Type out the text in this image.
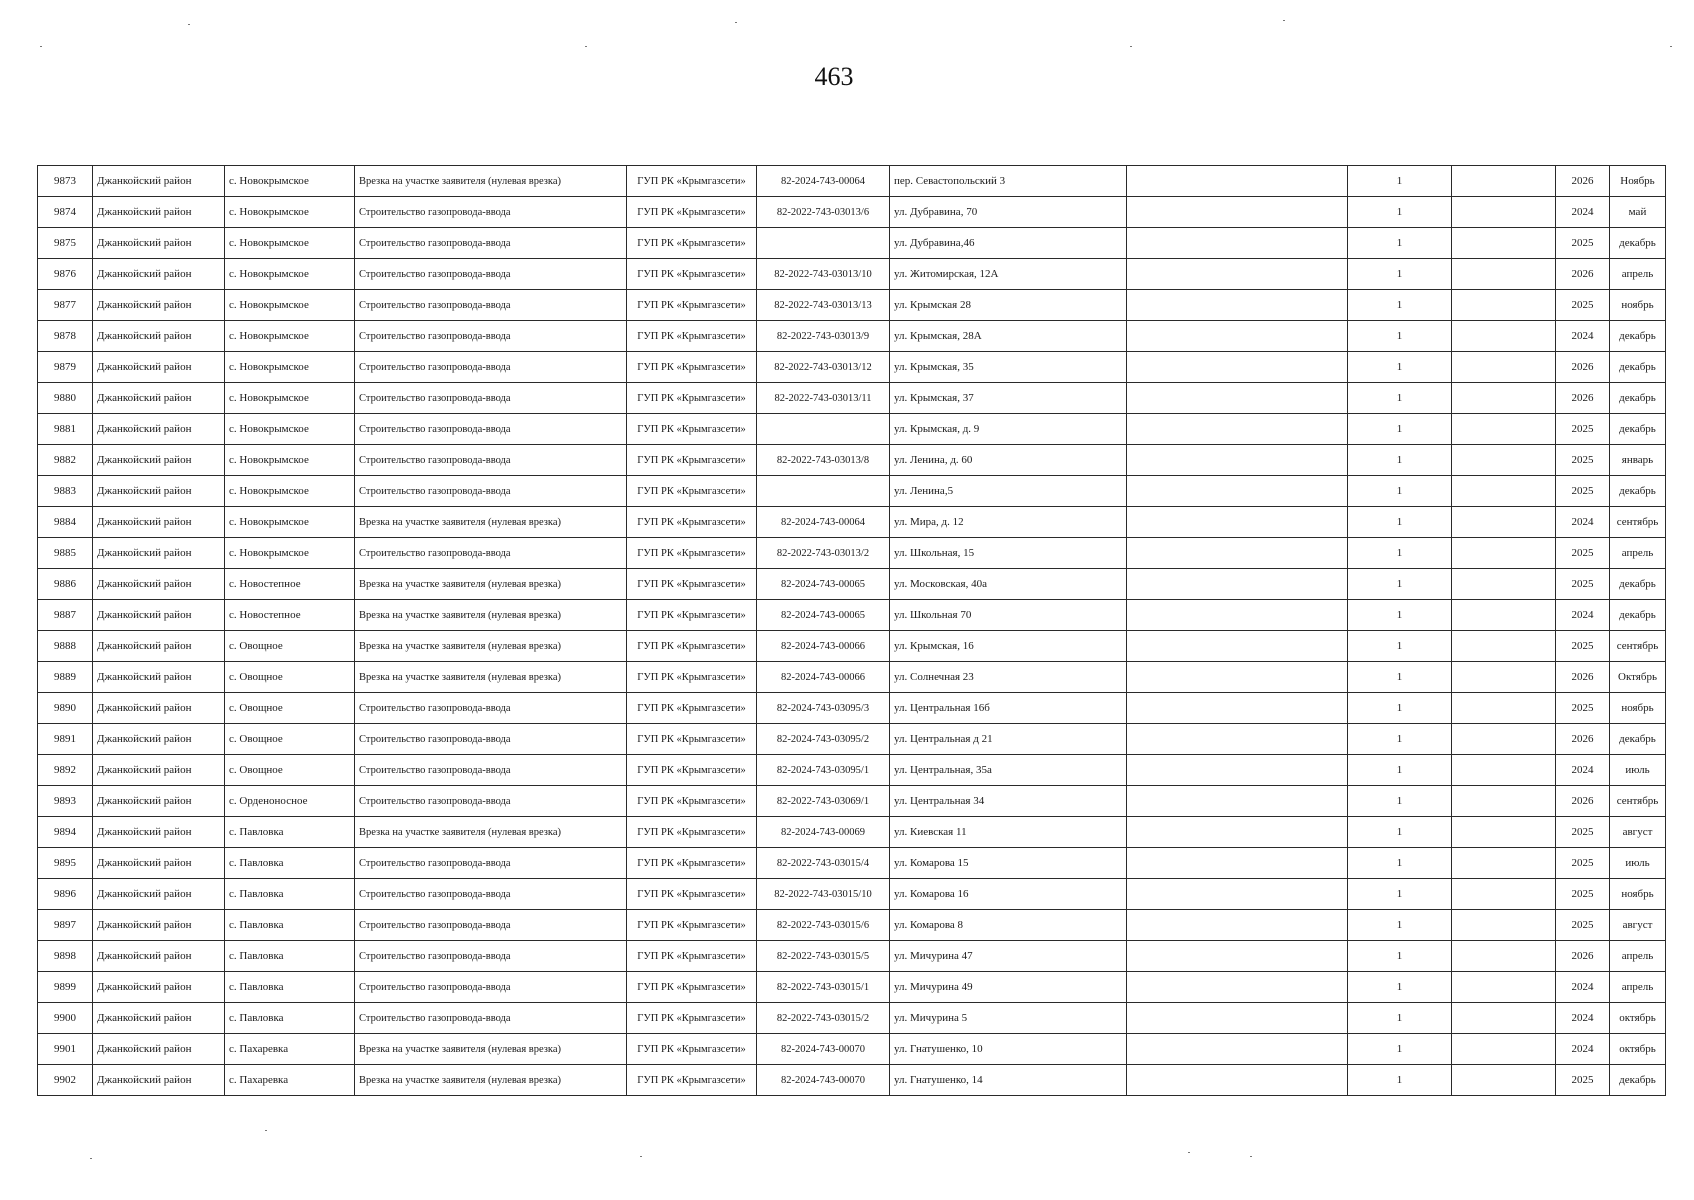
463
9873	Джанкойский район	с. Новокрымское	Врезка на участке заявителя (нулевая врезка)	ГУП РК «Крымгазсети»	82-2024-743-00064	пер. Севастопольский 3		1		2026	Ноябрь
9874	Джанкойский район	с. Новокрымское	Строительство газопровода-ввода	ГУП РК «Крымгазсети»	82-2022-743-03013/6	ул. Дубравина, 70		1		2024	май
9875	Джанкойский район	с. Новокрымское	Строительство газопровода-ввода	ГУП РК «Крымгазсети»		ул. Дубравина,46		1		2025	декабрь
9876	Джанкойский район	с. Новокрымское	Строительство газопровода-ввода	ГУП РК «Крымгазсети»	82-2022-743-03013/10	ул. Житомирская, 12А		1		2026	апрель
9877	Джанкойский район	с. Новокрымское	Строительство газопровода-ввода	ГУП РК «Крымгазсети»	82-2022-743-03013/13	ул. Крымская 28		1		2025	ноябрь
9878	Джанкойский район	с. Новокрымское	Строительство газопровода-ввода	ГУП РК «Крымгазсети»	82-2022-743-03013/9	ул. Крымская, 28А		1		2024	декабрь
9879	Джанкойский район	с. Новокрымское	Строительство газопровода-ввода	ГУП РК «Крымгазсети»	82-2022-743-03013/12	ул. Крымская, 35		1		2026	декабрь
9880	Джанкойский район	с. Новокрымское	Строительство газопровода-ввода	ГУП РК «Крымгазсети»	82-2022-743-03013/11	ул. Крымская, 37		1		2026	декабрь
9881	Джанкойский район	с. Новокрымское	Строительство газопровода-ввода	ГУП РК «Крымгазсети»		ул. Крымская, д. 9		1		2025	декабрь
9882	Джанкойский район	с. Новокрымское	Строительство газопровода-ввода	ГУП РК «Крымгазсети»	82-2022-743-03013/8	ул. Ленина, д. 60		1		2025	январь
9883	Джанкойский район	с. Новокрымское	Строительство газопровода-ввода	ГУП РК «Крымгазсети»		ул. Ленина,5		1		2025	декабрь
9884	Джанкойский район	с. Новокрымское	Врезка на участке заявителя (нулевая врезка)	ГУП РК «Крымгазсети»	82-2024-743-00064	ул. Мира, д. 12		1		2024	сентябрь
9885	Джанкойский район	с. Новокрымское	Строительство газопровода-ввода	ГУП РК «Крымгазсети»	82-2022-743-03013/2	ул. Школьная, 15		1		2025	апрель
9886	Джанкойский район	с. Новостепное	Врезка на участке заявителя (нулевая врезка)	ГУП РК «Крымгазсети»	82-2024-743-00065	ул. Московская, 40а		1		2025	декабрь
9887	Джанкойский район	с. Новостепное	Врезка на участке заявителя (нулевая врезка)	ГУП РК «Крымгазсети»	82-2024-743-00065	ул. Школьная 70		1		2024	декабрь
9888	Джанкойский район	с. Овощное	Врезка на участке заявителя (нулевая врезка)	ГУП РК «Крымгазсети»	82-2024-743-00066	ул. Крымская, 16		1		2025	сентябрь
9889	Джанкойский район	с. Овощное	Врезка на участке заявителя (нулевая врезка)	ГУП РК «Крымгазсети»	82-2024-743-00066	ул. Солнечная 23		1		2026	Октябрь
9890	Джанкойский район	с. Овощное	Строительство газопровода-ввода	ГУП РК «Крымгазсети»	82-2024-743-03095/3	ул. Центральная 16б		1		2025	ноябрь
9891	Джанкойский район	с. Овощное	Строительство газопровода-ввода	ГУП РК «Крымгазсети»	82-2024-743-03095/2	ул. Центральная д 21		1		2026	декабрь
9892	Джанкойский район	с. Овощное	Строительство газопровода-ввода	ГУП РК «Крымгазсети»	82-2024-743-03095/1	ул. Центральная, 35а		1		2024	июль
9893	Джанкойский район	с. Орденоносное	Строительство газопровода-ввода	ГУП РК «Крымгазсети»	82-2022-743-03069/1	ул. Центральная 34		1		2026	сентябрь
9894	Джанкойский район	с. Павловка	Врезка на участке заявителя (нулевая врезка)	ГУП РК «Крымгазсети»	82-2024-743-00069	ул. Киевская 11		1		2025	август
9895	Джанкойский район	с. Павловка	Строительство газопровода-ввода	ГУП РК «Крымгазсети»	82-2022-743-03015/4	ул. Комарова 15		1		2025	июль
9896	Джанкойский район	с. Павловка	Строительство газопровода-ввода	ГУП РК «Крымгазсети»	82-2022-743-03015/10	ул. Комарова 16		1		2025	ноябрь
9897	Джанкойский район	с. Павловка	Строительство газопровода-ввода	ГУП РК «Крымгазсети»	82-2022-743-03015/6	ул. Комарова 8		1		2025	август
9898	Джанкойский район	с. Павловка	Строительство газопровода-ввода	ГУП РК «Крымгазсети»	82-2022-743-03015/5	ул. Мичурина 47		1		2026	апрель
9899	Джанкойский район	с. Павловка	Строительство газопровода-ввода	ГУП РК «Крымгазсети»	82-2022-743-03015/1	ул. Мичурина 49		1		2024	апрель
9900	Джанкойский район	с. Павловка	Строительство газопровода-ввода	ГУП РК «Крымгазсети»	82-2022-743-03015/2	ул. Мичурина 5		1		2024	октябрь
9901	Джанкойский район	с. Пахаревка	Врезка на участке заявителя (нулевая врезка)	ГУП РК «Крымгазсети»	82-2024-743-00070	ул. Гнатушенко, 10		1		2024	октябрь
9902	Джанкойский район	с. Пахаревка	Врезка на участке заявителя (нулевая врезка)	ГУП РК «Крымгазсети»	82-2024-743-00070	ул. Гнатушенко, 14		1		2025	декабрь
